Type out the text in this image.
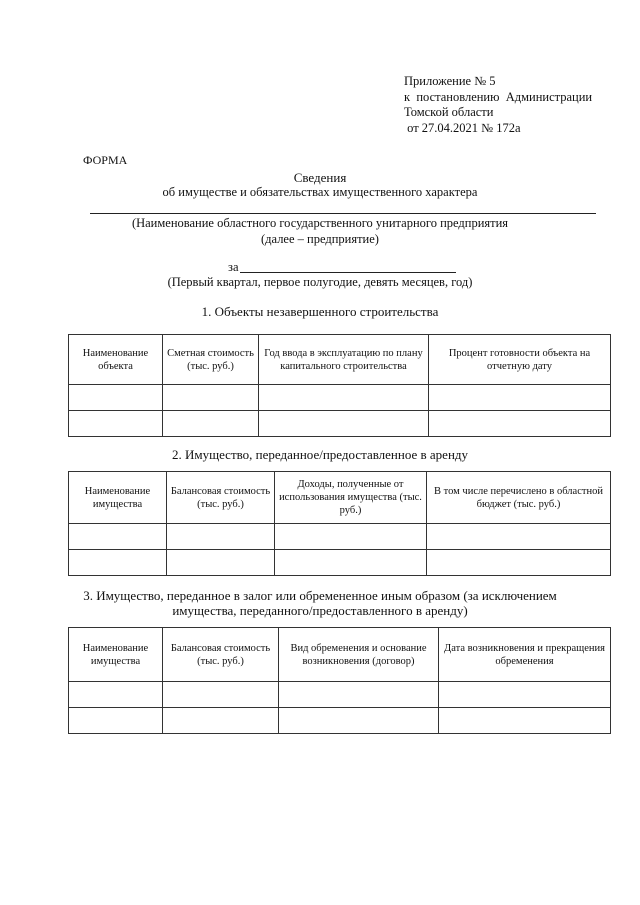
Приложение № 5
к  постановлению  Администрации
Томской области
от 27.04.2021 № 172а
ФОРМА
Сведения
об имуществе и обязательствах имущественного характера
(Наименование областного государственного унитарного предприятия
(далее – предприятие)
за
(Первый квартал, первое полугодие, девять месяцев, год)
1. Объекты незавершенного строительства
Наименование объекта	Сметная стоимость (тыс. руб.)	Год ввода в эксплуатацию по плану капитального строительства	Процент готовности объекта на отчетную дату

2. Имущество, переданное/предоставленное в аренду
Наименование имущества	Балансовая стоимость (тыс. руб.)	Доходы, полученные от использования имущества (тыс. руб.)	В том числе перечислено в областной бюджет (тыс. руб.)

3. Имущество, переданное в залог или обремененное иным образом (за исключением
имущества, переданного/предоставленного в аренду)
Наименование имущества	Балансовая стоимость (тыс. руб.)	Вид обременения и основание возникновения (договор)	Дата возникновения и прекращения обременения
